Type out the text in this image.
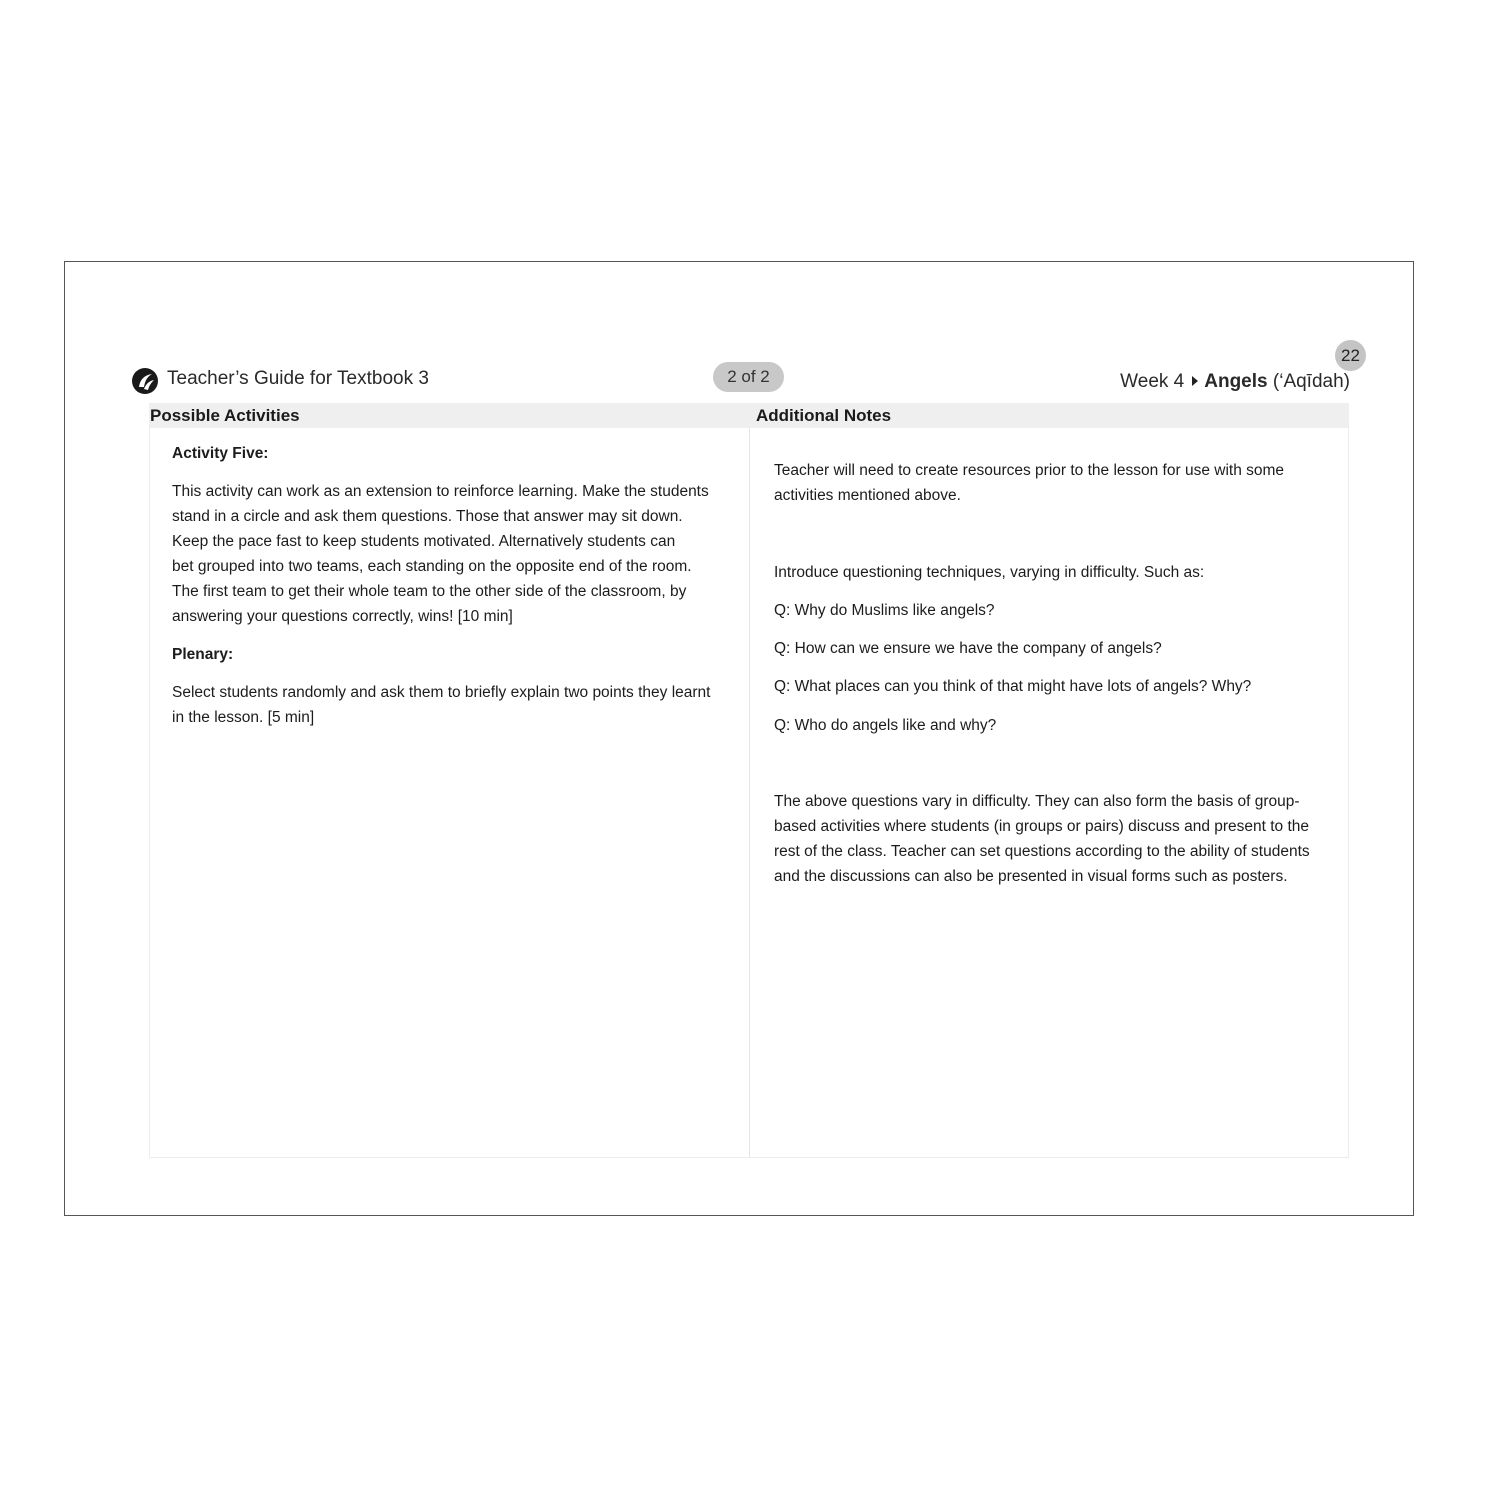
Teacher’s Guide for Textbook 3	2 of 2
22
Week 4 Angels (‘Aqīdah)
Possible Activities	Additional Notes
Activity Five:
This activity can work as an extension to reinforce learning. Make the students
stand in a circle and ask them questions. Those that answer may sit down.
Keep the pace fast to keep students motivated. Alternatively students can
bet grouped into two teams, each standing on the opposite end of the room.
The first team to get their whole team to the other side of the classroom, by
answering your questions correctly, wins! [10 min]
Plenary:
Select students randomly and ask them to briefly explain two points they learnt
in the lesson. [5 min]
Teacher will need to create resources prior to the lesson for use with some
activities mentioned above.
Introduce questioning techniques, varying in difficulty. Such as:
Q: Why do Muslims like angels?
Q: How can we ensure we have the company of angels?
Q: What places can you think of that might have lots of angels? Why?
Q: Who do angels like and why?
The above questions vary in difficulty. They can also form the basis of group-
based activities where students (in groups or pairs) discuss and present to the
rest of the class. Teacher can set questions according to the ability of students
and the discussions can also be presented in visual forms such as posters.
